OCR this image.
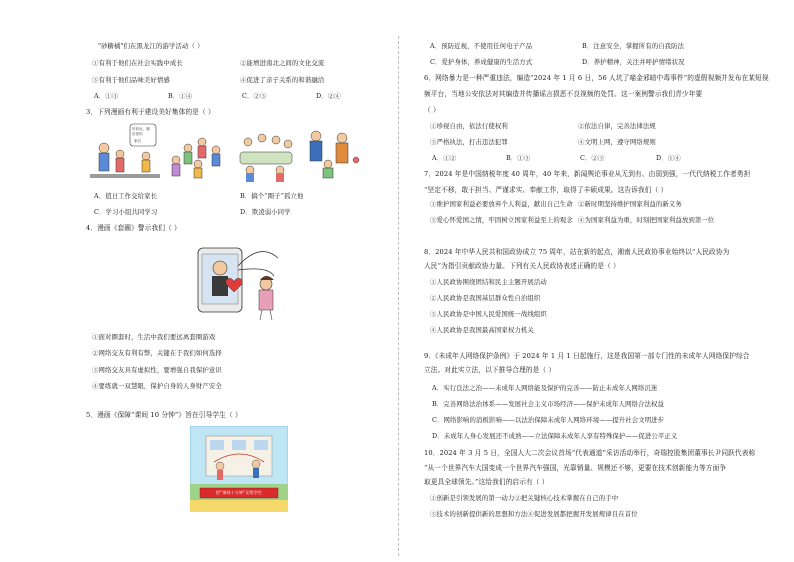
"砂糖橘"们在黑龙江的游学活动（ ）
①有利于他们在社会实践中成长	②能增进南北之间的文化交流
③有利于他们品味美好情感	④促进了亲子关系的和谐融洽
A．①③	B．①④	C．②③	D．②④
3．下列漫画有利于建设美好集体的是（ ）
好好玩，顺
应你你
家长
A．值日工作交给家长	B．搞个“圈子”孤立他
C．学习小组共同学习	D．欺凌弱小同学
4．漫画《套圈》警示我们（ ）
①面对圈套时，生活中我们要远离套圈游戏
②网络交友有利有弊，关键在于我们如何选择
③网络交友具有虚拟性，要增强自我保护意识
④要练就一双慧眼，保护自身的人身财产安全
5．漫画《保障“课间 10 分钟”》旨在引导学生（ ）
把“课间十分钟”还给学生
A．预防近视，不使用任何电子产品	B．注意安全，掌握所有的自我防法
C．爱护身体，养成健康的生活方式	D．养护精神，关注并呼护情绪状况
6．网络暴力是一种严重违法，编造“2024 年 1 月 6 日，56 人坑了喵金邪暗中毒事件”的虚假视频并发布在某短视
频平台，当地公安依法对其编造并传播谣言损恶不良视频的处罚。这一案例警示我们青少年要
（ ）
①珍视自由，依法行使权利	②依法自律，完善法律法规
③严格执法，打击违法犯罪	④文明上网，遵守网络规则
A．①②	B．①③	C．②③	D．①④
7．2024 年是中国纳税年度 40 周年，40 年来，新闻舆论事业从无到有、由弱到强，一代代纳税工作者勇担
“坚定不移，敢于担当、严谨求实、奉献工作，取得了丰硕成果。这告诉我们（ ）
①维护国家利益必要放弃个人利益，献出自己生命 ②新时期坚持维护国家利益的新义务
③爱心怀爱国之情，牢固树立国家利益至上的观念 ④为国家利益为重，时刻把国家利益放到第一位
8．2024 年中华人民共和国政协成立 75 周年，站在新的起点，湘南人民政协事业始终以“人民政协为
人民”为指引贡献政协力量。下列有关人民政协表述正确的是（ ）
①人民政协围绕团结和民主主题开展活动
②人民政协是我国基层群众性自治组织
③人民政协是中国人民爱国统一战线组织
④人民政协是我国最高国家权力机关
9．《未成年人网络保护条例》于 2024 年 1 月 1 日起施行，这是我国第一部专门性的未成年人网络保护综合
立法。对此实立法，以下推导合理的是（ ）
A．实行良法之治——未成年人网络能及保护的完善——防止未成年人网络沉迷
B．完善网络法治体系——发展社会主义市场经济——保护未成年人网络合法权益
C．网络影响的消极影响——以法治保障未成年人网络环境——提升社会文明进步
D．未成年人身心发展还不成熟——立法保障未成年人享有特殊保护——促进公平正义
10．2024 年 3 月 5 日，全国人大二次会议首场“代表通道”采访活动举行，奇瑞控股集团董事长尹同跃代表称
“从一个世界汽车大国变成一个世界汽车强国，光靠销量、规模还不够，更要在技术创新能力等方面争
取更具全球领先。”这给我们的启示有（ ）
①创新是引领发展的第一动力②把关键核心技术掌握在自己的手中
③技术的创新提供新的思想和方法④促进发展都把握开发展规律且在首位
